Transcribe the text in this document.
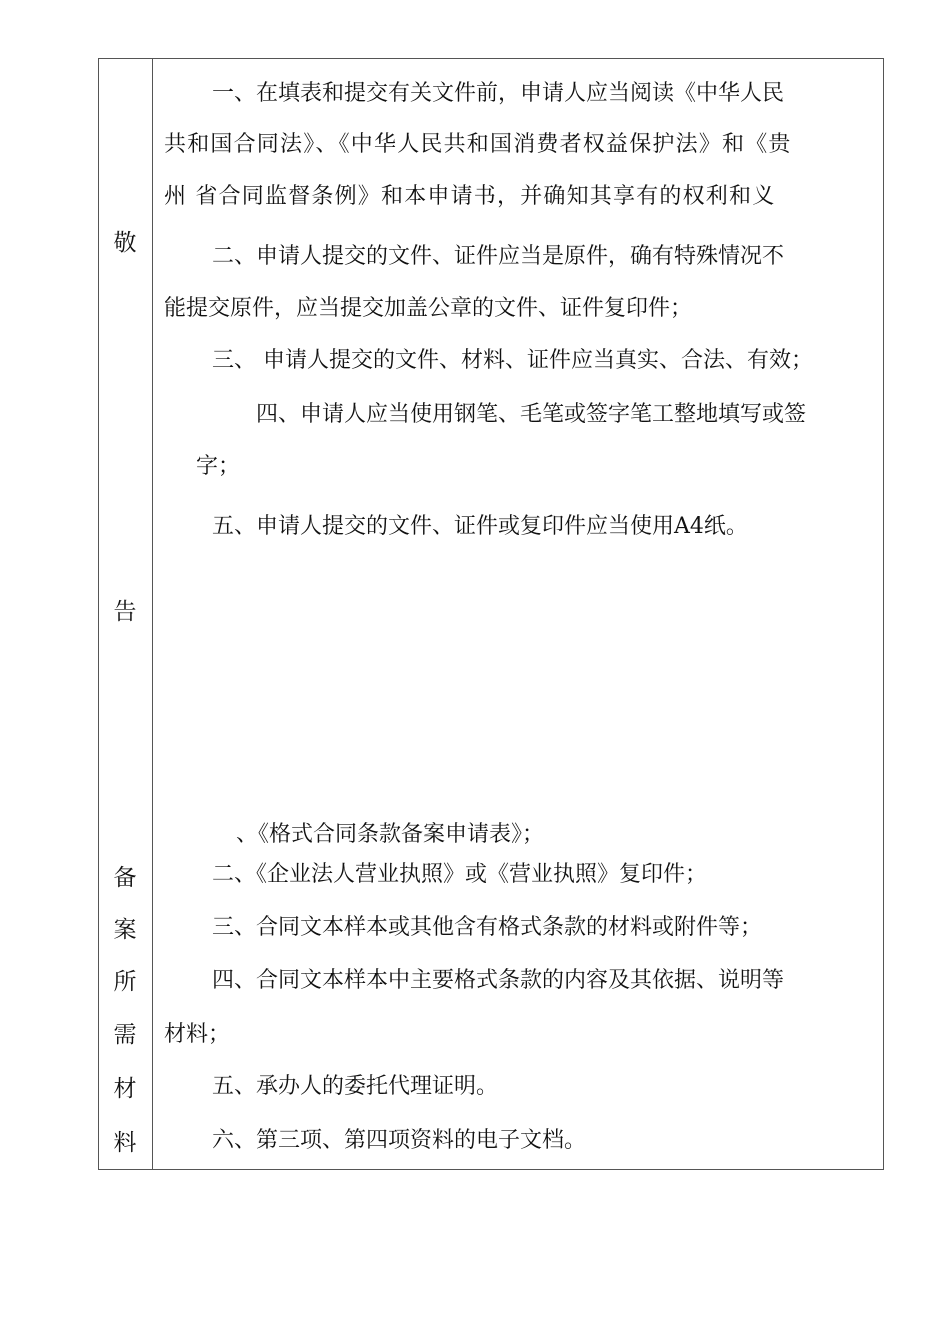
敬
告
一、在填表和提交有关文件前，申请人应当阅读《中华人民
共和国合同法》、《中华人民共和国消费者权益保护法》和《贵
州 省合同监督条例》和本申请书，并确知其享有的权利和义
二、申请人提交的文件、证件应当是原件，确有特殊情况不
能提交原件，应当提交加盖公章的文件、证件复印件；
三、 申请人提交的文件、材料、证件应当真实、合法、有效；
四、申请人应当使用钢笔、毛笔或签字笔工整地填写或签
字；
五、申请人提交的文件、证件或复印件应当使用A4纸。
备
案
所
需
材
料
、《格式合同条款备案申请表》；
二、《企业法人营业执照》或《营业执照》复印件；
三、合同文本样本或其他含有格式条款的材料或附件等；
四、合同文本样本中主要格式条款的内容及其依据、说明等
材料；
五、承办人的委托代理证明。
六、第三项、第四项资料的电子文档。
